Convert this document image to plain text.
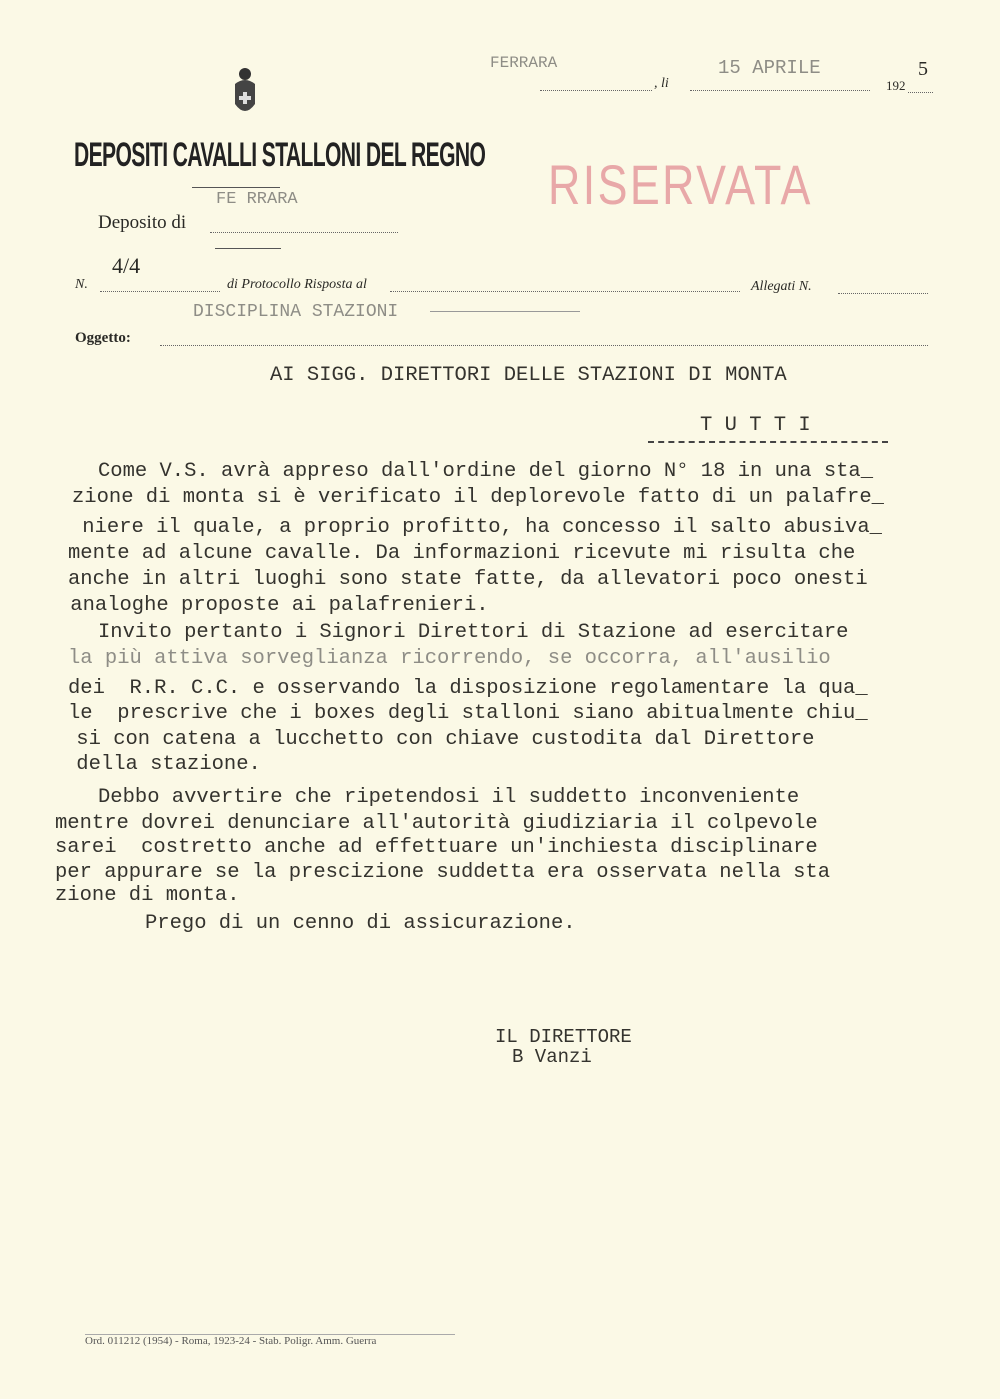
DEPOSITI CAVALLI STALLONI DEL REGNO
FE RRARA
Deposito di
4/4
N.	di Protocollo Risposta al	Allegati N.
DISCIPLINA STAZIONI
Oggetto:
FERRARA
, li
15 APRILE
192
5
RISERVATA
AI SIGG. DIRETTORI DELLE STAZIONI DI MONTA
T U T T I
Come V.S. avrà appreso dall'ordine del giorno N° 18 in una sta_
zione di monta si è verificato il deplorevole fatto di un palafre_
niere il quale, a proprio profitto, ha concesso il salto abusiva_
mente ad alcune cavalle. Da informazioni ricevute mi risulta che
anche in altri luoghi sono state fatte, da allevatori poco onesti
analoghe proposte ai palafrenieri.
Invito pertanto i Signori Direttori di Stazione ad esercitare
la più attiva sorveglianza ricorrendo, se occorra, all'ausilio
dei  R.R. C.C. e osservando la disposizione regolamentare la qua_
le  prescrive che i boxes degli stalloni siano abitualmente chiu_
si con catena a lucchetto con chiave custodita dal Direttore
della stazione.
Debbo avvertire che ripetendosi il suddetto inconveniente
mentre dovrei denunciare all'autorità giudiziaria il colpevole
sarei  costretto anche ad effettuare un'inchiesta disciplinare
per appurare se la prescizione suddetta era osservata nella sta
zione di monta.
Prego di un cenno di assicurazione.
IL DIRETTORE
B Vanzi
Ord. 011212 (1954) - Roma, 1923-24 - Stab. Poligr. Amm. Guerra
